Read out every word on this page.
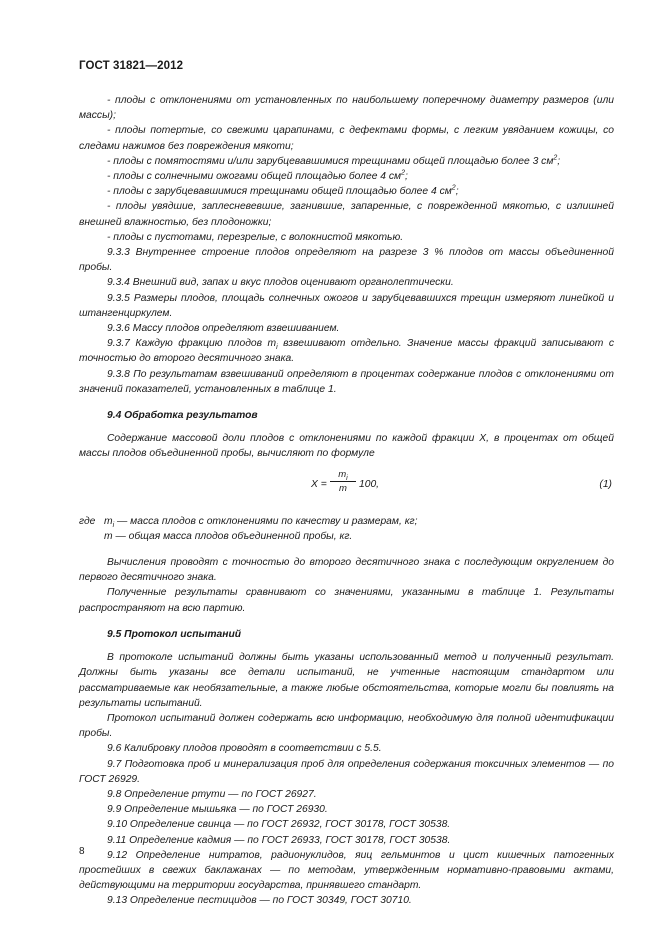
ГОСТ 31821—2012

- плоды с отклонениями от установленных по наибольшему поперечному диаметру размеров (или массы);

- плоды потертые, со свежими царапинами, с дефектами формы, с легким увяданием кожицы, со следами нажимов без повреждения мякоти;

- плоды с помятостями и/или зарубцевавшимися трещинами общей площадью более 3 $см^2$;

- плоды с солнечными ожогами общей площадью более 4 $см^2$;

- плоды с зарубцевавшимися трещинами общей площадью более 4 $см^2$;

- плоды увядшие, заплесневевшие, загнившие, запаренные, с поврежденной мякотью, с излишней внешней влажностью, без плодоножки;

- плоды с пустотами, перезрелые, с волокнистой мякотью.

9.3.3 Внутреннее строение плодов определяют на разрезе 3 % плодов от массы объединенной пробы.

9.3.4 Внешний вид, запах и вкус плодов оценивают органолептически.

9.3.5 Размеры плодов, площадь солнечных ожогов и зарубцевавшихся трещин измеряют линейкой и штангенциркулем.

9.3.6 Массу плодов определяют взвешиванием.

9.3.7 Каждую фракцию плодов $m_i$ взвешивают отдельно. Значение массы фракций записывают с точностью до второго десятичного знака.

9.3.8 По результатам взвешиваний определяют в процентах содержание плодов с отклонениями от значений показателей, установленных в таблице 1.

9.4 Обработка результатов

Содержание массовой доли плодов с отклонениями по каждой фракции X, в процентах от общей массы плодов объединенной пробы, вычисляют по формуле

$X = \frac{m_i}{m} 100$,	(1)

где $m_i$ — масса плодов с отклонениями по качеству и размерам, кг;

m — общая масса плодов объединенной пробы, кг.

Вычисления проводят с точностью до второго десятичного знака с последующим округлением до первого десятичного знака.

Полученные результаты сравнивают со значениями, указанными в таблице 1. Результаты распространяют на всю партию.

9.5 Протокол испытаний

В протоколе испытаний должны быть указаны использованный метод и полученный результат. Должны быть указаны все детали испытаний, не учтенные настоящим стандартом или рассматриваемые как необязательные, а также любые обстоятельства, которые могли бы повлиять на результаты испытаний.

Протокол испытаний должен содержать всю информацию, необходимую для полной идентификации пробы.

9.6 Калибровку плодов проводят в соответствии с 5.5.

9.7 Подготовка проб и минерализация проб для определения содержания токсичных элементов — по ГОСТ 26929.

9.8 Определение ртути — по ГОСТ 26927.

9.9 Определение мышьяка — по ГОСТ 26930.

9.10 Определение свинца — по ГОСТ 26932, ГОСТ 30178, ГОСТ 30538.

9.11 Определение кадмия — по ГОСТ 26933, ГОСТ 30178, ГОСТ 30538.

9.12 Определение нитратов, радионуклидов, яиц гельминтов и цист кишечных патогенных простейших в свежих баклажанах — по методам, утвержденным нормативно-правовыми актами, действующими на территории государства, принявшего стандарт.

9.13 Определение пестицидов — по ГОСТ 30349, ГОСТ 30710.

8
